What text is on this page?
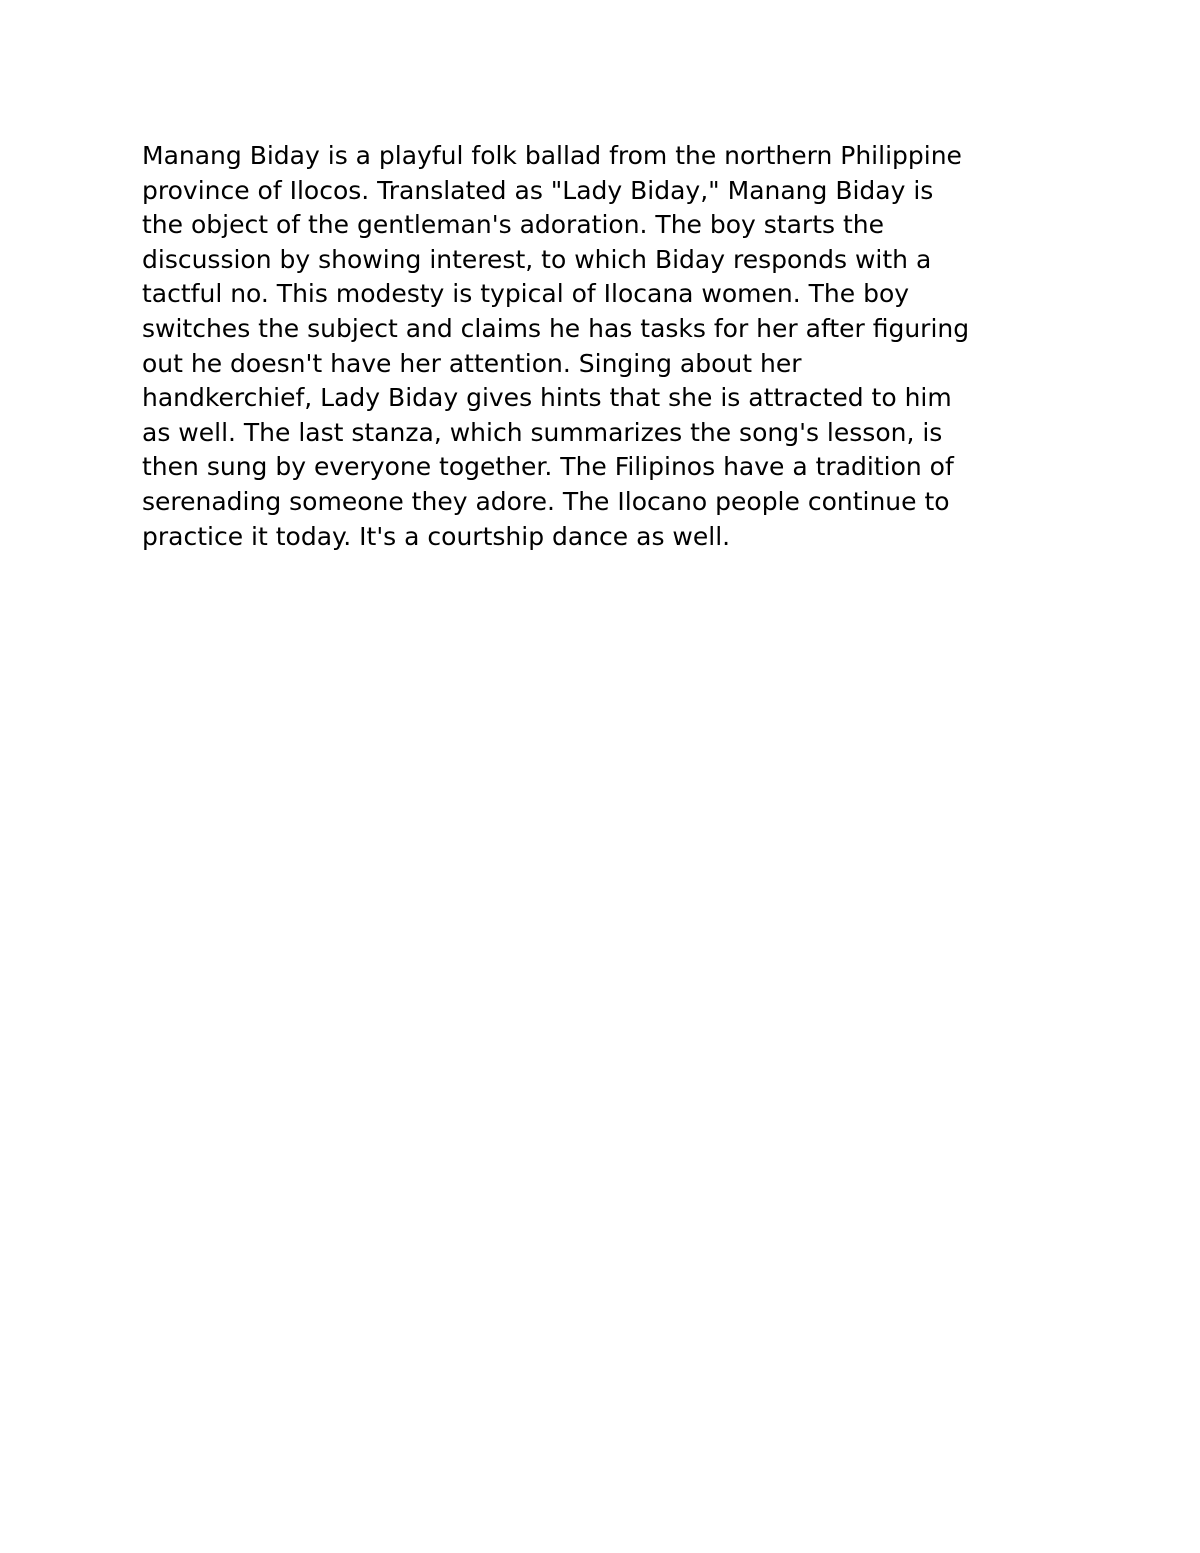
Manang Biday is a playful folk ballad from the northern Philippine
province of Ilocos. Translated as "Lady Biday," Manang Biday is
the object of the gentleman's adoration. The boy starts the
discussion by showing interest, to which Biday responds with a
tactful no. This modesty is typical of Ilocana women. The boy
switches the subject and claims he has tasks for her after figuring
out he doesn't have her attention. Singing about her
handkerchief, Lady Biday gives hints that she is attracted to him
as well. The last stanza, which summarizes the song's lesson, is
then sung by everyone together. The Filipinos have a tradition of
serenading someone they adore. The Ilocano people continue to
practice it today. It's a courtship dance as well.
